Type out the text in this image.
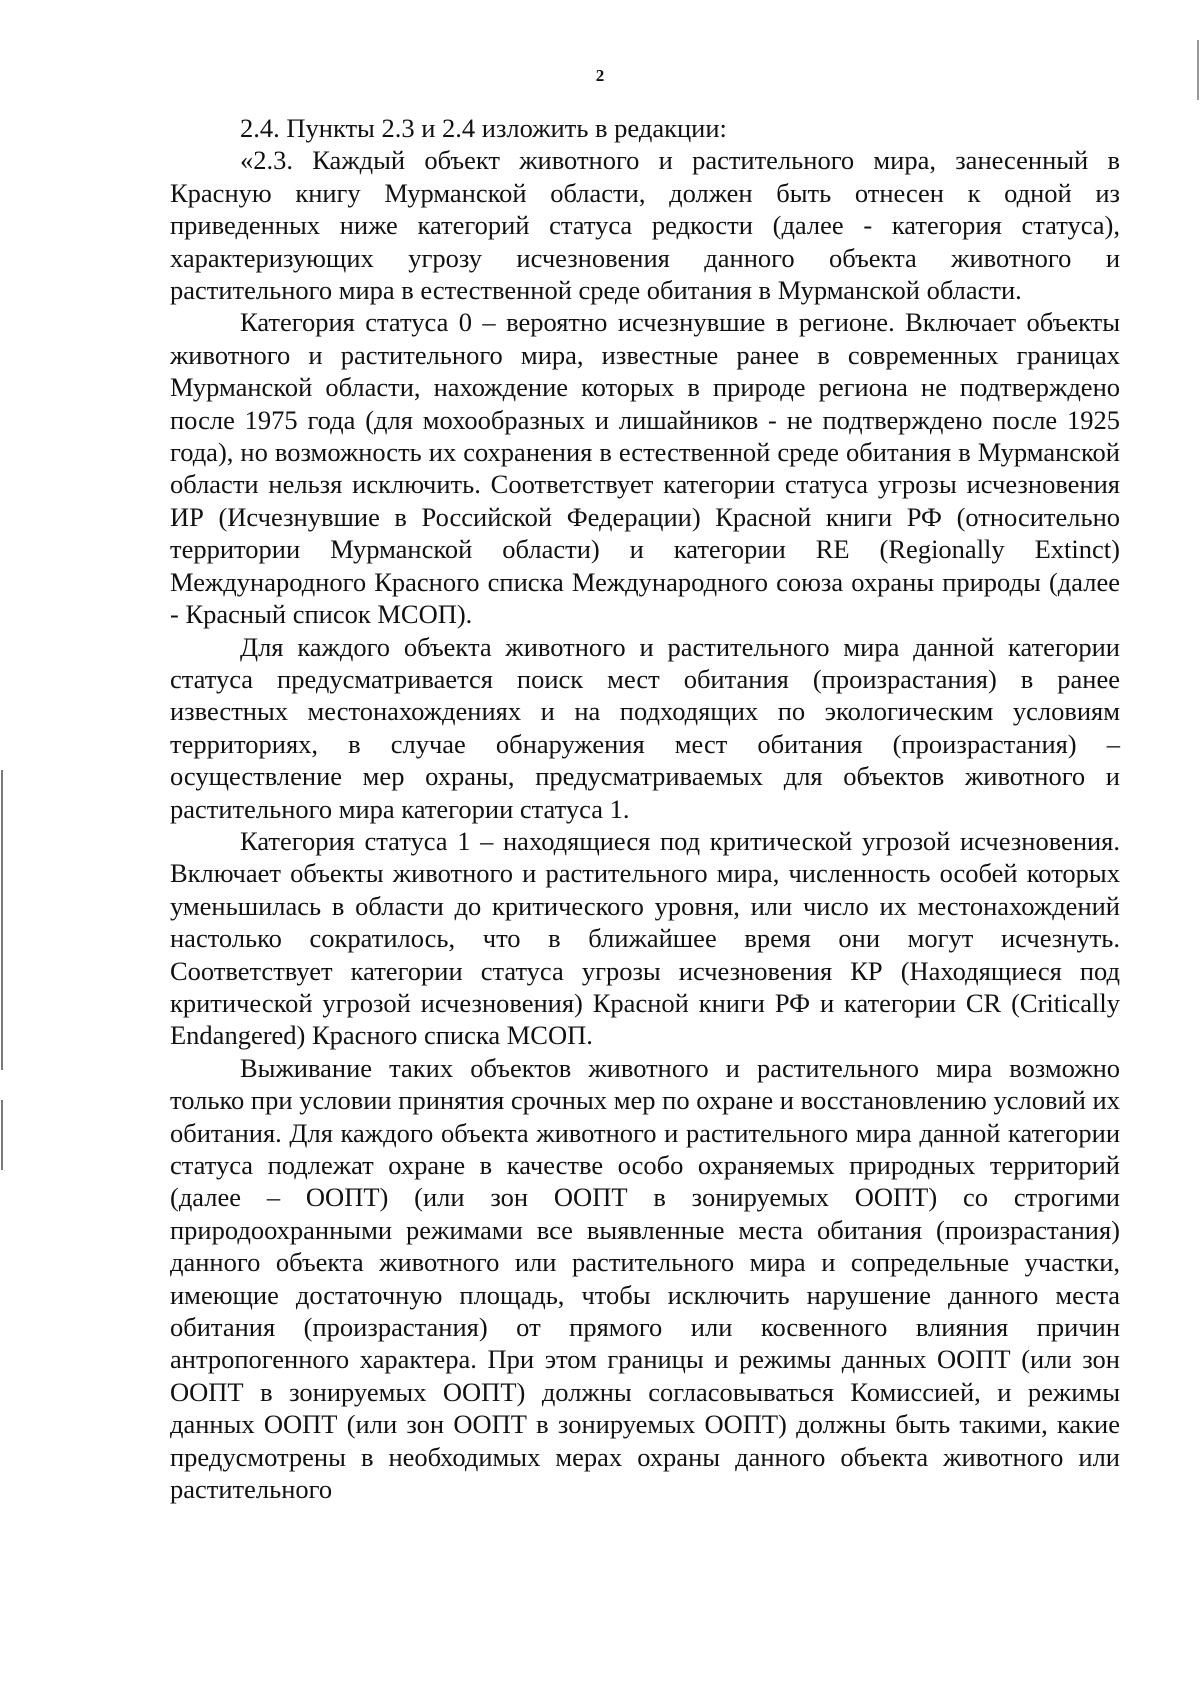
2

2.4. Пункты 2.3 и 2.4 изложить в редакции:

«2.3. Каждый объект животного и растительного мира, занесенный в Красную книгу Мурманской области, должен быть отнесен к одной из приведенных ниже категорий статуса редкости (далее - категория статуса), характеризующих угрозу исчезновения данного объекта животного и растительного мира в естественной среде обитания в Мурманской области.

Категория статуса 0 – вероятно исчезнувшие в регионе. Включает объекты животного и растительного мира, известные ранее в современных границах Мурманской области, нахождение которых в природе региона не подтверждено после 1975 года (для мохообразных и лишайников - не подтверждено после 1925 года), но возможность их сохранения в естественной среде обитания в Мурманской области нельзя исключить. Соответствует категории статуса угрозы исчезновения ИР (Исчезнувшие в Российской Федерации) Красной книги РФ (относительно территории Мурманской области) и категории RE (Regionally Extinct) Международного Красного списка Международного союза охраны природы (далее - Красный список МСОП).

Для каждого объекта животного и растительного мира данной категории статуса предусматривается поиск мест обитания (произрастания) в ранее известных местонахождениях и на подходящих по экологическим условиям территориях, в случае обнаружения мест обитания (произрастания) – осуществление мер охраны, предусматриваемых для объектов животного и растительного мира категории статуса 1.

Категория статуса 1 – находящиеся под критической угрозой исчезновения. Включает объекты животного и растительного мира, численность особей которых уменьшилась в области до критического уровня, или число их местонахождений настолько сократилось, что в ближайшее время они могут исчезнуть. Соответствует категории статуса угрозы исчезновения КР (Находящиеся под критической угрозой исчезновения) Красной книги РФ и категории CR (Critically Endangered) Красного списка МСОП.

Выживание таких объектов животного и растительного мира возможно только при условии принятия срочных мер по охране и восстановлению условий их обитания. Для каждого объекта животного и растительного мира данной категории статуса подлежат охране в качестве особо охраняемых природных территорий (далее – ООПТ) (или зон ООПТ в зонируемых ООПТ) со строгими природоохранными режимами все выявленные места обитания (произрастания) данного объекта животного или растительного мира и сопредельные участки, имеющие достаточную площадь, чтобы исключить нарушение данного места обитания (произрастания) от прямого или косвенного влияния причин антропогенного характера. При этом границы и режимы данных ООПТ (или зон ООПТ в зонируемых ООПТ) должны согласовываться Комиссией, и режимы данных ООПТ (или зон ООПТ в зонируемых ООПТ) должны быть такими, какие предусмотрены в необходимых мерах охраны данного объекта животного или растительного
